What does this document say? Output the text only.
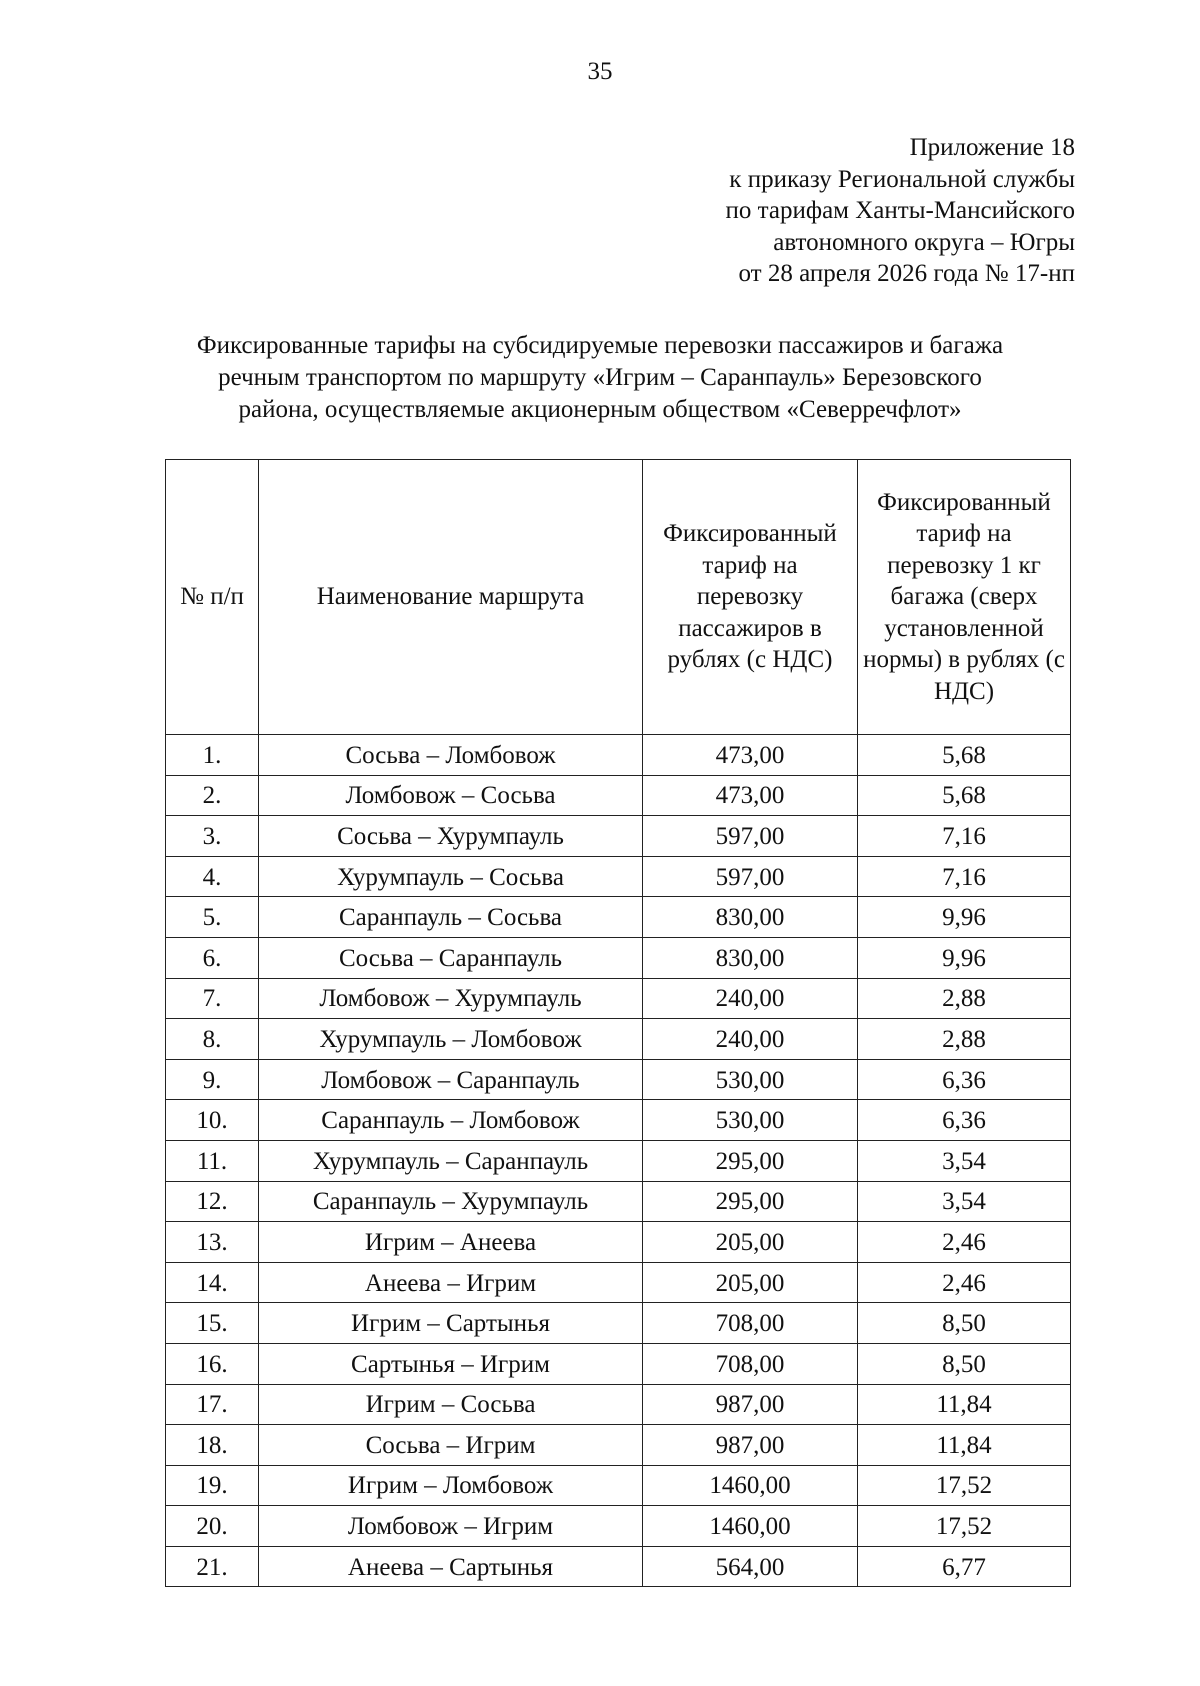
35
Приложение 18
к приказу Региональной службы
по тарифам Ханты-Мансийского
автономного округа – Югры
от 28 апреля 2026 года № 17-нп
Фиксированные тарифы на субсидируемые перевозки пассажиров и багажа
речным транспортом по маршруту «Игрим – Саранпауль» Березовского
района, осуществляемые акционерным обществом «Северречфлот»
№ п/п	Наименование маршрута	Фиксированный тариф на перевозку пассажиров в рублях (с НДС)	Фиксированный тариф на перевозку 1 кг багажа (сверх установленной нормы) в рублях (с НДС)
1.	Сосьва – Ломбовож	473,00	5,68
2.	Ломбовож – Сосьва	473,00	5,68
3.	Сосьва – Хурумпауль	597,00	7,16
4.	Хурумпауль – Сосьва	597,00	7,16
5.	Саранпауль – Сосьва	830,00	9,96
6.	Сосьва – Саранпауль	830,00	9,96
7.	Ломбовож – Хурумпауль	240,00	2,88
8.	Хурумпауль – Ломбовож	240,00	2,88
9.	Ломбовож – Саранпауль	530,00	6,36
10.	Саранпауль – Ломбовож	530,00	6,36
11.	Хурумпауль – Саранпауль	295,00	3,54
12.	Саранпауль – Хурумпауль	295,00	3,54
13.	Игрим – Анеева	205,00	2,46
14.	Анеева – Игрим	205,00	2,46
15.	Игрим – Сартынья	708,00	8,50
16.	Сартынья – Игрим	708,00	8,50
17.	Игрим – Сосьва	987,00	11,84
18.	Сосьва – Игрим	987,00	11,84
19.	Игрим – Ломбовож	1460,00	17,52
20.	Ломбовож – Игрим	1460,00	17,52
21.	Анеева – Сартынья	564,00	6,77
